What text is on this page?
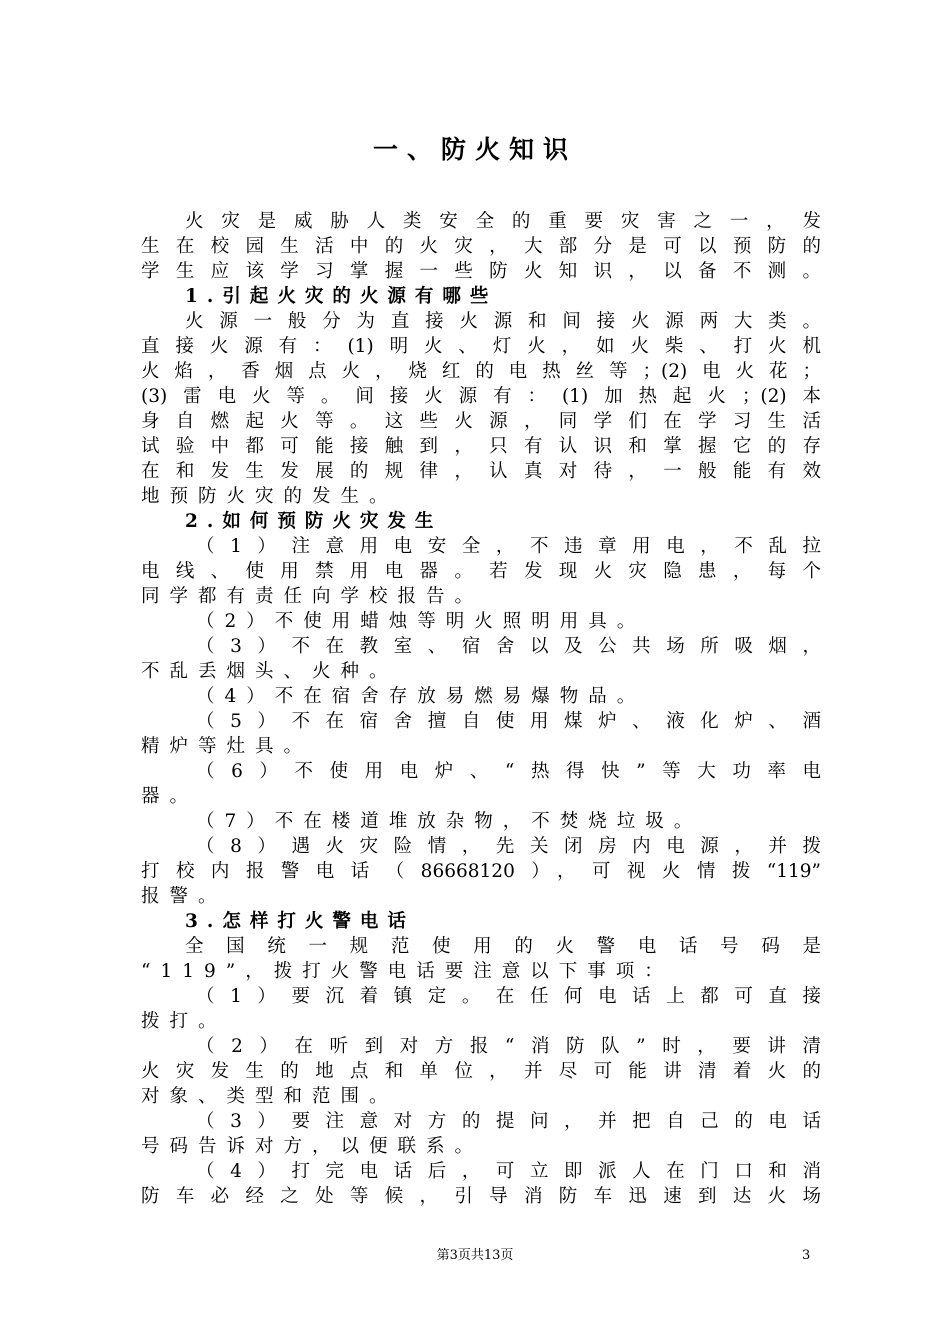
一、防火知识
火灾是威胁人类安全的重要灾害之一，发
生在校园生活中的火灾，大部分是可以预防的
学生应该学习掌握一些防火知识，以备不测。
1.引起火灾的火源有哪些
火源一般分为直接火源和间接火源两大类。
直接火源有：(1)明火、灯火，如火柴、打火机
火焰，香烟点火，烧红的电热丝等；(2)电火花；
(3)雷电火等。间接火源有：(1)加热起火；(2)本
身自燃起火等。这些火源，同学们在学习生活
试验中都可能接触到，只有认识和掌握它的存
在和发生发展的规律，认真对待，一般能有效
地预防火灾的发生。
2.如何预防火灾发生
（1）注意用电安全，不违章用电，不乱拉
电线、使用禁用电器。若发现火灾隐患，每个
同学都有责任向学校报告。
（2）不使用蜡烛等明火照明用具。
（3）不在教室、宿舍以及公共场所吸烟，
不乱丢烟头、火种。
（4）不在宿舍存放易燃易爆物品。
（5）不在宿舍擅自使用煤炉、液化炉、酒
精炉等灶具。
（6）不使用电炉、“热得快”等大功率电
器。
（7）不在楼道堆放杂物，不焚烧垃圾。
（8）遇火灾险情，先关闭房内电源，并拨
打校内报警电话（86668120），可视火情拨“119”
报警。
3.怎样打火警电话
全国统一规范使用的火警电话号码是
“119”，拨打火警电话要注意以下事项：
（1）要沉着镇定。在任何电话上都可直接
拨打。
（2）在听到对方报“消防队”时，要讲清
火灾发生的地点和单位，并尽可能讲清着火的
对象、类型和范围。
（3）要注意对方的提问，并把自己的电话
号码告诉对方，以便联系。
（4）打完电话后，可立即派人在门口和消
防车必经之处等候，引导消防车迅速到达火场
第3页共13页	3
